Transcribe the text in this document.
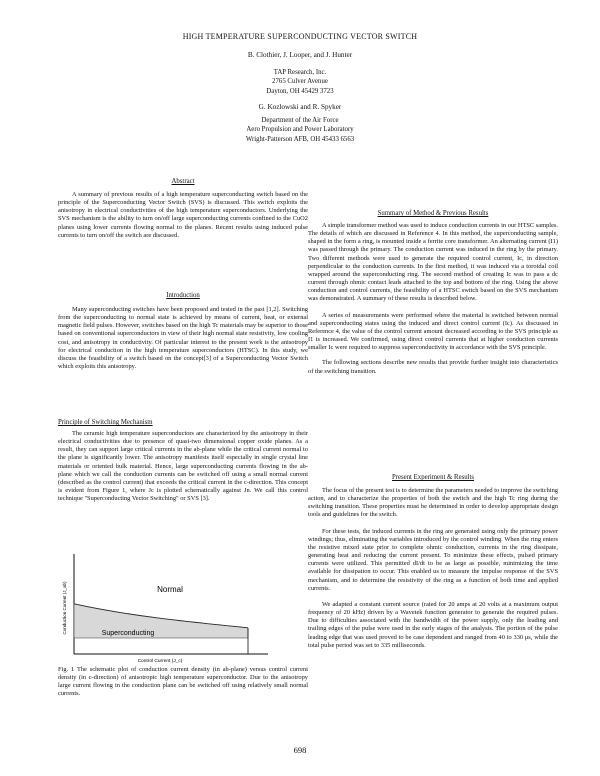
HIGH TEMPERATURE SUPERCONDUCTING VECTOR SWITCH
B. Clothier, J. Looper, and J. Hunter
TAP Research, Inc.
2765 Culver Avenue
Dayton, OH 45429 3723
G. Kozlowski and R. Spyker
Department of the Air Force
Aero Propulsion and Power Laboratory
Wright-Patterson AFB, OH 45433 6563
Abstract
A summary of previous results of a high temperature superconducting switch based on the principle of the Superconducting Vector Switch (SVS) is discussed. This switch exploits the anisotropy in electrical conductivities of the high temperature superconductors. Underlying the SVS mechanism is the ability to turn on/off large superconducting currents confined to the CuO2 planes using lower currents flowing normal to the planes. Recent results using induced pulse currents to turn on/off the switch are discussed.
Introduction
Many superconducting switches have been proposed and tested in the past [1,2]. Switching from the superconducting to normal state is achieved by means of current, heat, or external magnetic field pulses. However, switches based on the high Tc materials may be superior to those based on conventional superconductors in view of their high normal state resistivity, low cooling cost, and anisotropy in conductivity. Of particular interest to the present work is the anisotropy for electrical conduction in the high temperature superconductors (HTSC). In this study, we discuss the feasibility of a switch based on the concept[3] of a Superconducting Vector Switch which exploits this anisotropy.
Principle of Switching Mechanism
The ceramic high temperature superconductors are characterized by the anisotropy in their electrical conductivities due to presence of quasi-two dimensional copper oxide planes. As a result, they can support large critical currents in the ab-plane while the critical current normal to the plane is significantly lower. The anisotropy manifests itself especially in single crystal line materials or oriented bulk material. Hence, large superconducting currents flowing in the ab-plane which we call the conduction currents can be switched off using a small normal current (described as the control current) that exceeds the critical current in the c-direction. This concept is evident from Figure 1, where Jc is plotted schematically against Jn. We call this control technique "Superconducting Vector Switching" or SVS [3].
Normal
Superconducting
Conduction Current (J_ab)
Control Current (J_c)
Fig. 1 The schematic plot of conduction current density (in ab-plane) versus control current density (in c-direction) of anisotropic high temperature superconductor. Due to the anisotropy large current flowing in the conduction plane can be switched off using relatively small normal currents.
Summary of Method & Previous Results
A simple transformer method was used to induce conduction currents in our HTSC samples. The details of which are discussed in Reference 4. In this method, the superconducting sample, shaped in the form a ring, is mounted inside a ferrite core transformer. An alternating current (I1) was passed through the primary. The conduction current was induced in the ring by the primary. Two different methods were used to generate the required control current, Ic, in direction perpendicular to the conduction currents. In the first method, it was induced via a toroidal coil wrapped around the superconducting ring. The second method of creating Ic was to pass a dc current through ohmic contact leads attached to the top and bottom of the ring. Using the above conduction and control currents, the feasibility of a HTSC switch based on the SVS mechanism was demonstrated. A summary of these results is described below.
A series of measurements were performed where the material is switched between normal and superconducting states using the induced and direct control current (Ic). As discussed in Reference 4, the value of the control current amount decreased according to the SVS principle as I1 is increased. We confirmed, using direct control currents that at higher conduction currents smaller Ic were required to suppress superconductivity in accordance with the SVS principle.
The following sections describe new results that provide further insight into characteristics of the switching transition.
Present Experiment & Results
The focus of the present test is to determine the parameters needed to improve the switching action, and to characterize the properties of both the switch and the high Tc ring during the switching transition. These properties must be determined in order to develop appropriate design tools and guidelines for the switch.
For these tests, the induced currents in the ring are generated using only the primary power windings; thus, eliminating the variables introduced by the control winding. When the ring enters the resistive mixed state prior to complete ohmic conduction, currents in the ring dissipate, generating heat and reducing the current present. To minimize these effects, pulsed primary currents were utilized. This permitted dI/dt to be as large as possible, minimizing the time available for dissipation to occur. This enabled us to measure the impulse response of the SVS mechanism, and to determine the resistivity of the ring as a function of both time and applied currents.
We adapted a constant current source (rated for 20 amps at 20 volts at a maximum output frequency of 20 kHz) driven by a Wavetek function generator to generate the required pulses. Due to difficulties associated with the bandwidth of the power supply, only the leading and trailing edges of the pulse were used in the early stages of the analysis. The portion of the pulse leading edge that was used proved to be case dependent and ranged from 40 to 330 μs, while the total pulse period was set to 335 milliseconds.
698
